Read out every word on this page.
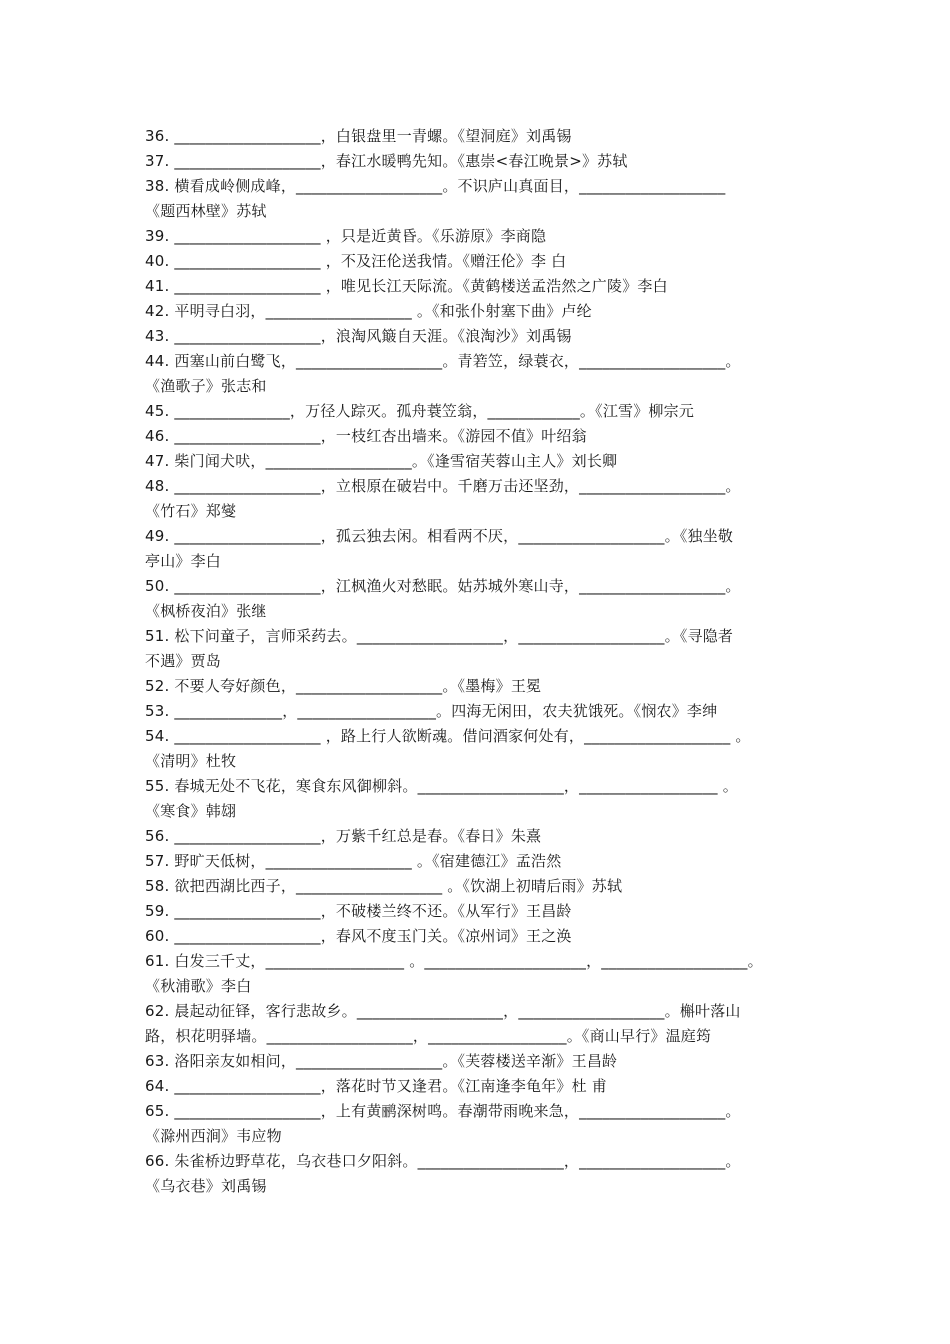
36. ___________________，白银盘里一青螺。《望洞庭》刘禹锡
37. ___________________，春江水暖鸭先知。《惠崇<春江晚景>》苏轼
38. 横看成岭侧成峰，___________________。不识庐山真面目，___________________
《题西林壁》苏轼
39. ___________________ ，只是近黄昏。《乐游原》李商隐
40. ___________________ ，不及汪伦送我情。《赠汪伦》李 白
41. ___________________ ，唯见长江天际流。《黄鹤楼送孟浩然之广陵》李白
42. 平明寻白羽，___________________ 。《和张仆射塞下曲》卢纶
43. ___________________，浪淘风簸自天涯。《浪淘沙》刘禹锡
44. 西塞山前白鹭飞，___________________。青箬笠，绿蓑衣，___________________。
《渔歌子》张志和
45. _______________，万径人踪灭。孤舟蓑笠翁，____________。《江雪》柳宗元
46. ___________________，一枝红杏出墙来。《游园不值》叶绍翁
47. 柴门闻犬吠，___________________。《逢雪宿芙蓉山主人》刘长卿
48. ___________________，立根原在破岩中。千磨万击还坚劲，___________________。
《竹石》郑燮
49. ___________________，孤云独去闲。相看两不厌，___________________。《独坐敬
亭山》李白
50. ___________________，江枫渔火对愁眠。姑苏城外寒山寺，___________________。
《枫桥夜泊》张继
51. 松下问童子，言师采药去。___________________，___________________。《寻隐者
不遇》贾岛
52. 不要人夸好颜色，___________________。《墨梅》王冕
53. ______________，__________________。四海无闲田，农夫犹饿死。《悯农》李绅
54. ___________________ ，路上行人欲断魂。借问酒家何处有，___________________ 。
《清明》杜牧
55. 春城无处不飞花，寒食东风御柳斜。___________________，__________________ 。
《寒食》韩翃
56. ___________________，万紫千红总是春。《春日》朱熹
57. 野旷天低树，___________________ 。《宿建德江》孟浩然
58. 欲把西湖比西子，___________________ 。《饮湖上初晴后雨》苏轼
59. ___________________，不破楼兰终不还。《从军行》王昌龄
60. ___________________，春风不度玉门关。《凉州词》王之涣
61. 白发三千丈，__________________ 。_____________________，___________________。
《秋浦歌》李白
62. 晨起动征铎，客行悲故乡。___________________，___________________。槲叶落山
路，枳花明驿墙。___________________，__________________。《商山早行》温庭筠
63. 洛阳亲友如相问，___________________。《芙蓉楼送辛渐》王昌龄
64. ___________________，落花时节又逢君。《江南逢李龟年》杜 甫
65. ___________________，上有黄鹂深树鸣。春潮带雨晚来急，___________________。
《滁州西涧》韦应物
66. 朱雀桥边野草花，乌衣巷口夕阳斜。___________________，___________________。
《乌衣巷》刘禹锡
